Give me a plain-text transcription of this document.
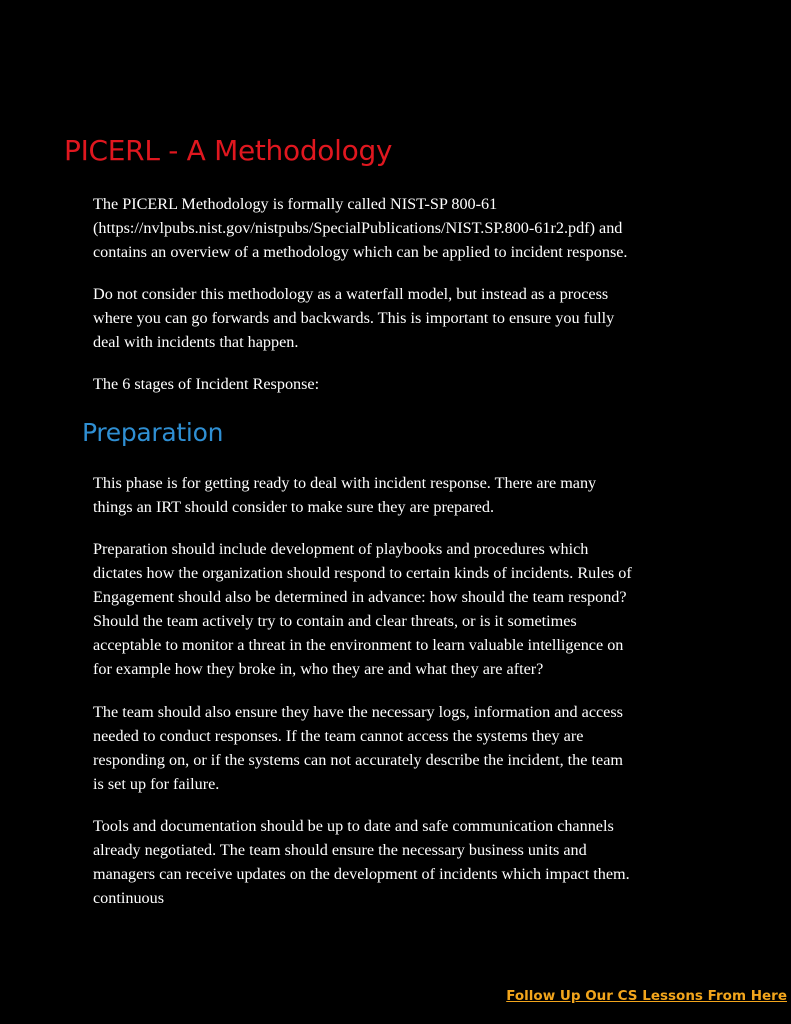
PICERL - A Methodology

The PICERL Methodology is formally called NIST-SP 800-61
(https://nvlpubs.nist.gov/nistpubs/SpecialPublications/NIST.SP.800-61r2.pdf) and
contains an overview of a methodology which can be applied to incident response.

Do not consider this methodology as a waterfall model, but instead as a process
where you can go forwards and backwards. This is important to ensure you fully
deal with incidents that happen.

The 6 stages of Incident Response:

Preparation

This phase is for getting ready to deal with incident response. There are many
things an IRT should consider to make sure they are prepared.

Preparation should include development of playbooks and procedures which
dictates how the organization should respond to certain kinds of incidents. Rules of
Engagement should also be determined in advance: how should the team respond?
Should the team actively try to contain and clear threats, or is it sometimes
acceptable to monitor a threat in the environment to learn valuable intelligence on
for example how they broke in, who they are and what they are after?

The team should also ensure they have the necessary logs, information and access
needed to conduct responses. If the team cannot access the systems they are
responding on, or if the systems can not accurately describe the incident, the team
is set up for failure.

Tools and documentation should be up to date and safe communication channels
already negotiated. The team should ensure the necessary business units and
managers can receive updates on the development of incidents which impact them.
continuous

Follow Up Our CS Lessons From Here
